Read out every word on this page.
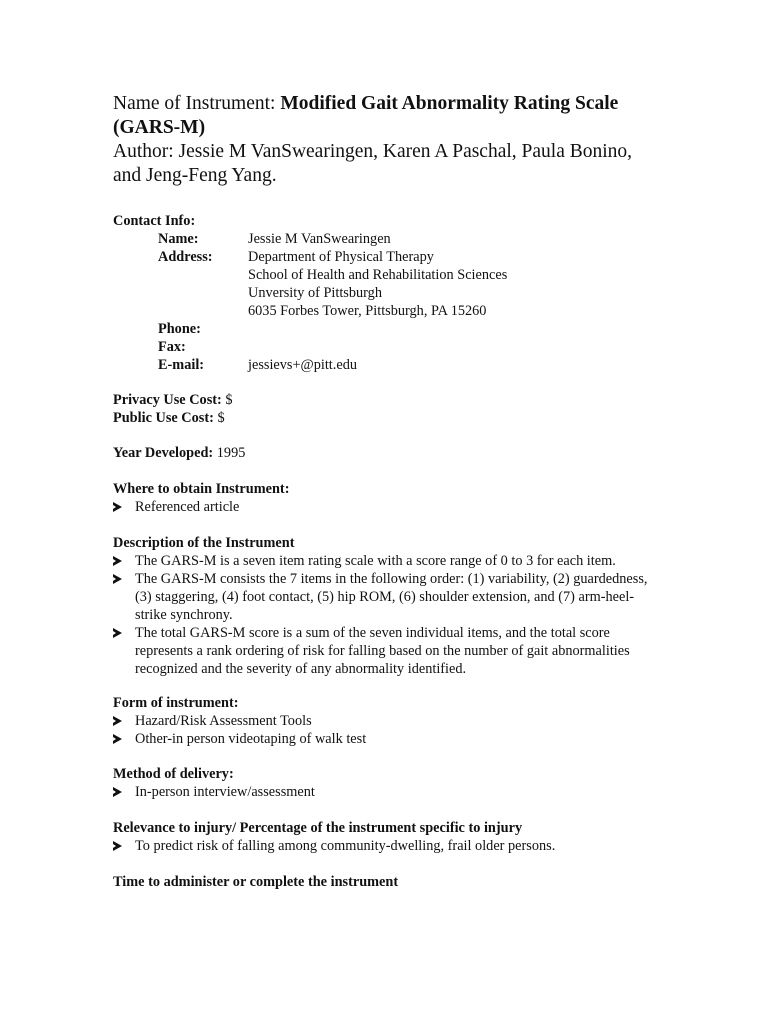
Name of Instrument: Modified Gait Abnormality Rating Scale
(GARS-M)
Author: Jessie M VanSwearingen, Karen A Paschal, Paula Bonino,
and Jeng-Feng Yang.
Contact Info:
Name:	Jessie M VanSwearingen
Address: Department of Physical Therapy
School of Health and Rehabilitation Sciences
Unversity of Pittsburgh
6035 Forbes Tower, Pittsburgh, PA 15260
Phone:
Fax:
E-mail:	jessievs+@pitt.edu
Privacy Use Cost: $
Public Use Cost: $
Year Developed: 1995
Where to obtain Instrument:
Referenced article
Description of the Instrument
The GARS-M is a seven item rating scale with a score range of 0 to 3 for each item.
The GARS-M consists the 7 items in the following order: (1) variability, (2) guardedness, (3) staggering, (4) foot contact, (5) hip ROM, (6) shoulder extension, and (7) arm-heel-strike synchrony.
The total GARS-M score is a sum of the seven individual items, and the total score represents a rank ordering of risk for falling based on the number of gait abnormalities recognized and the severity of any abnormality identified.
Form of instrument:
Hazard/Risk Assessment Tools
Other-in person videotaping of walk test
Method of delivery:
In-person interview/assessment
Relevance to injury/ Percentage of the instrument specific to injury
To predict risk of falling among community-dwelling, frail older persons.
Time to administer or complete the instrument
